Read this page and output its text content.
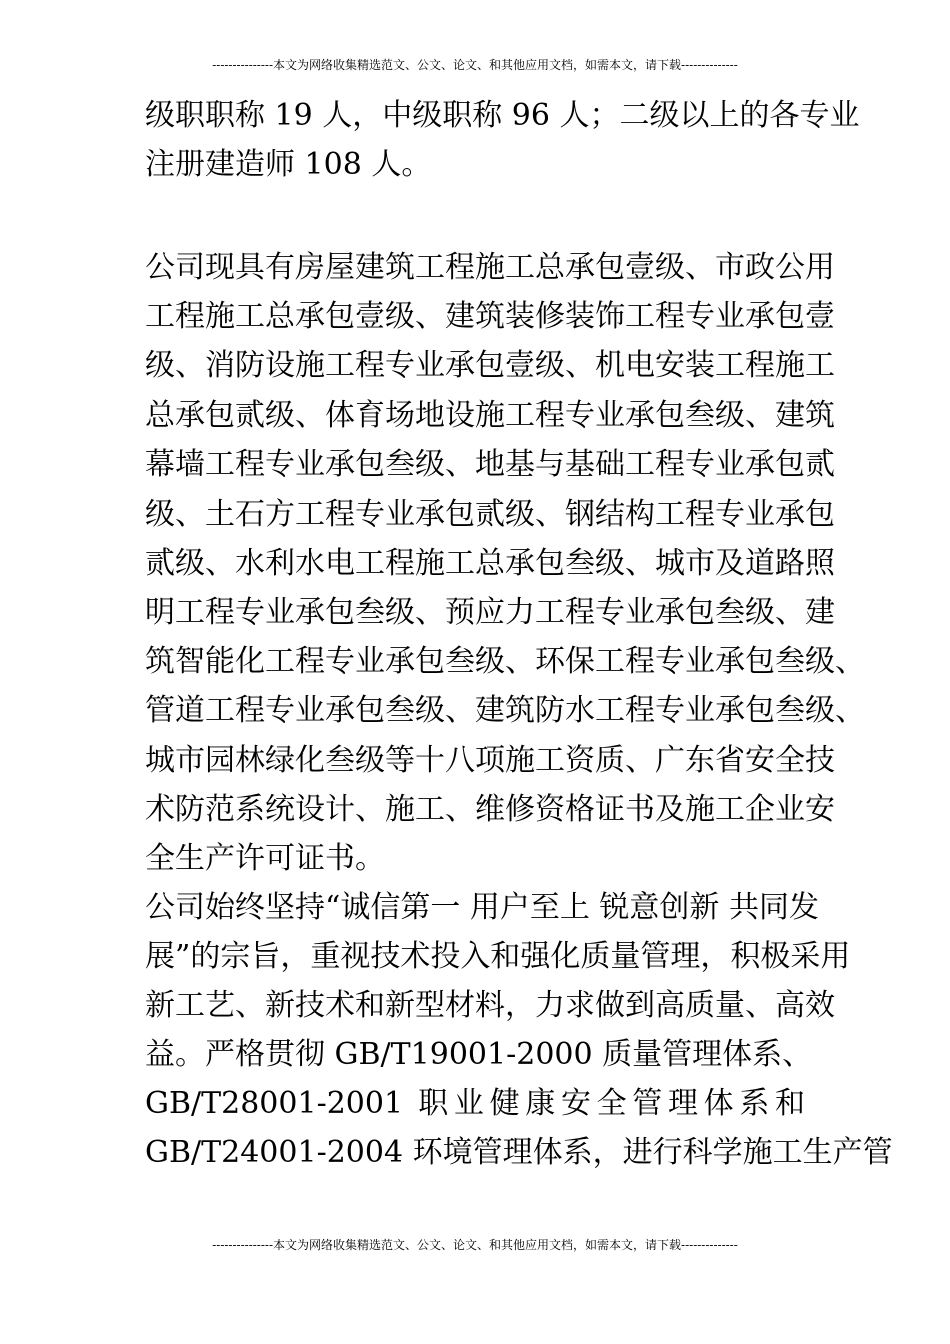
---------------本文为网络收集精选范文、公文、论文、和其他应用文档，如需本文，请下载--------------
级职职称 19 人，中级职称 96 人；二级以上的各专业
注册建造师 108 人。
公司现具有房屋建筑工程施工总承包壹级、市政公用
工程施工总承包壹级、建筑装修装饰工程专业承包壹
级、消防设施工程专业承包壹级、机电安装工程施工
总承包贰级、体育场地设施工程专业承包叁级、建筑
幕墙工程专业承包叁级、地基与基础工程专业承包贰
级、土石方工程专业承包贰级、钢结构工程专业承包
贰级、水利水电工程施工总承包叁级、城市及道路照
明工程专业承包叁级、预应力工程专业承包叁级、建
筑智能化工程专业承包叁级、环保工程专业承包叁级、
管道工程专业承包叁级、建筑防水工程专业承包叁级、
城市园林绿化叁级等十八项施工资质、广东省安全技
术防范系统设计、施工、维修资格证书及施工企业安
全生产许可证书。
公司始终坚持“诚信第一 用户至上 锐意创新 共同发
展”的宗旨，重视技术投入和强化质量管理，积极采用
新工艺、新技术和新型材料，力求做到高质量、高效
益。严格贯彻 GB/T19001-2000 质量管理体系、
GB/T28001-2001 职业健康安全管理体系和
GB/T24001-2004 环境管理体系，进行科学施工生产管
---------------本文为网络收集精选范文、公文、论文、和其他应用文档，如需本文，请下载--------------
